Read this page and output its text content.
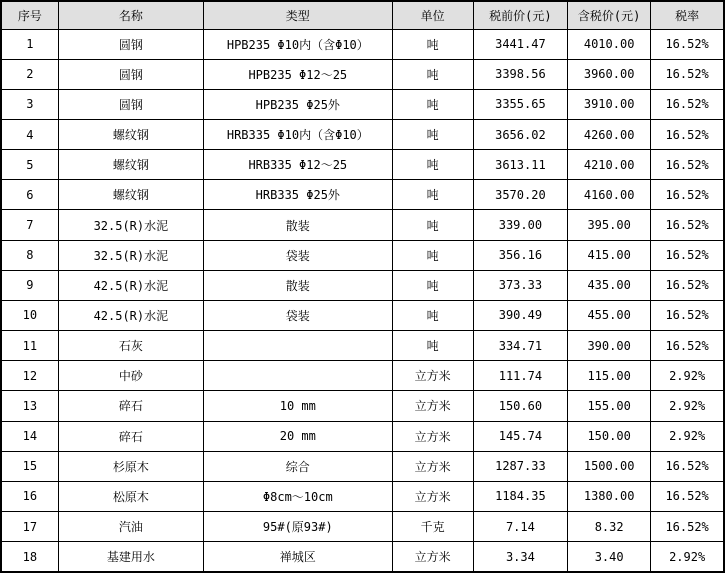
序号	名称	类型	单位	税前价(元)	含税价(元)	税率
1	圆钢	HPB235 Φ10内（含Φ10）	吨	3441.47	4010.00	16.52%
2	圆钢	HPB235 Φ12～25	吨	3398.56	3960.00	16.52%
3	圆钢	HPB235 Φ25外	吨	3355.65	3910.00	16.52%
4	螺纹钢	HRB335 Φ10内（含Φ10）	吨	3656.02	4260.00	16.52%
5	螺纹钢	HRB335 Φ12～25	吨	3613.11	4210.00	16.52%
6	螺纹钢	HRB335 Φ25外	吨	3570.20	4160.00	16.52%
7	32.5(R)水泥	散装	吨	339.00	395.00	16.52%
8	32.5(R)水泥	袋装	吨	356.16	415.00	16.52%
9	42.5(R)水泥	散装	吨	373.33	435.00	16.52%
10	42.5(R)水泥	袋装	吨	390.49	455.00	16.52%
11	石灰		吨	334.71	390.00	16.52%
12	中砂		立方米	111.74	115.00	2.92%
13	碎石	10 mm	立方米	150.60	155.00	2.92%
14	碎石	20 mm	立方米	145.74	150.00	2.92%
15	杉原木	综合	立方米	1287.33	1500.00	16.52%
16	松原木	Φ8cm～10cm	立方米	1184.35	1380.00	16.52%
17	汽油	95#(原93#)	千克	7.14	8.32	16.52%
18	基建用水	禅城区	立方米	3.34	3.40	2.92%
